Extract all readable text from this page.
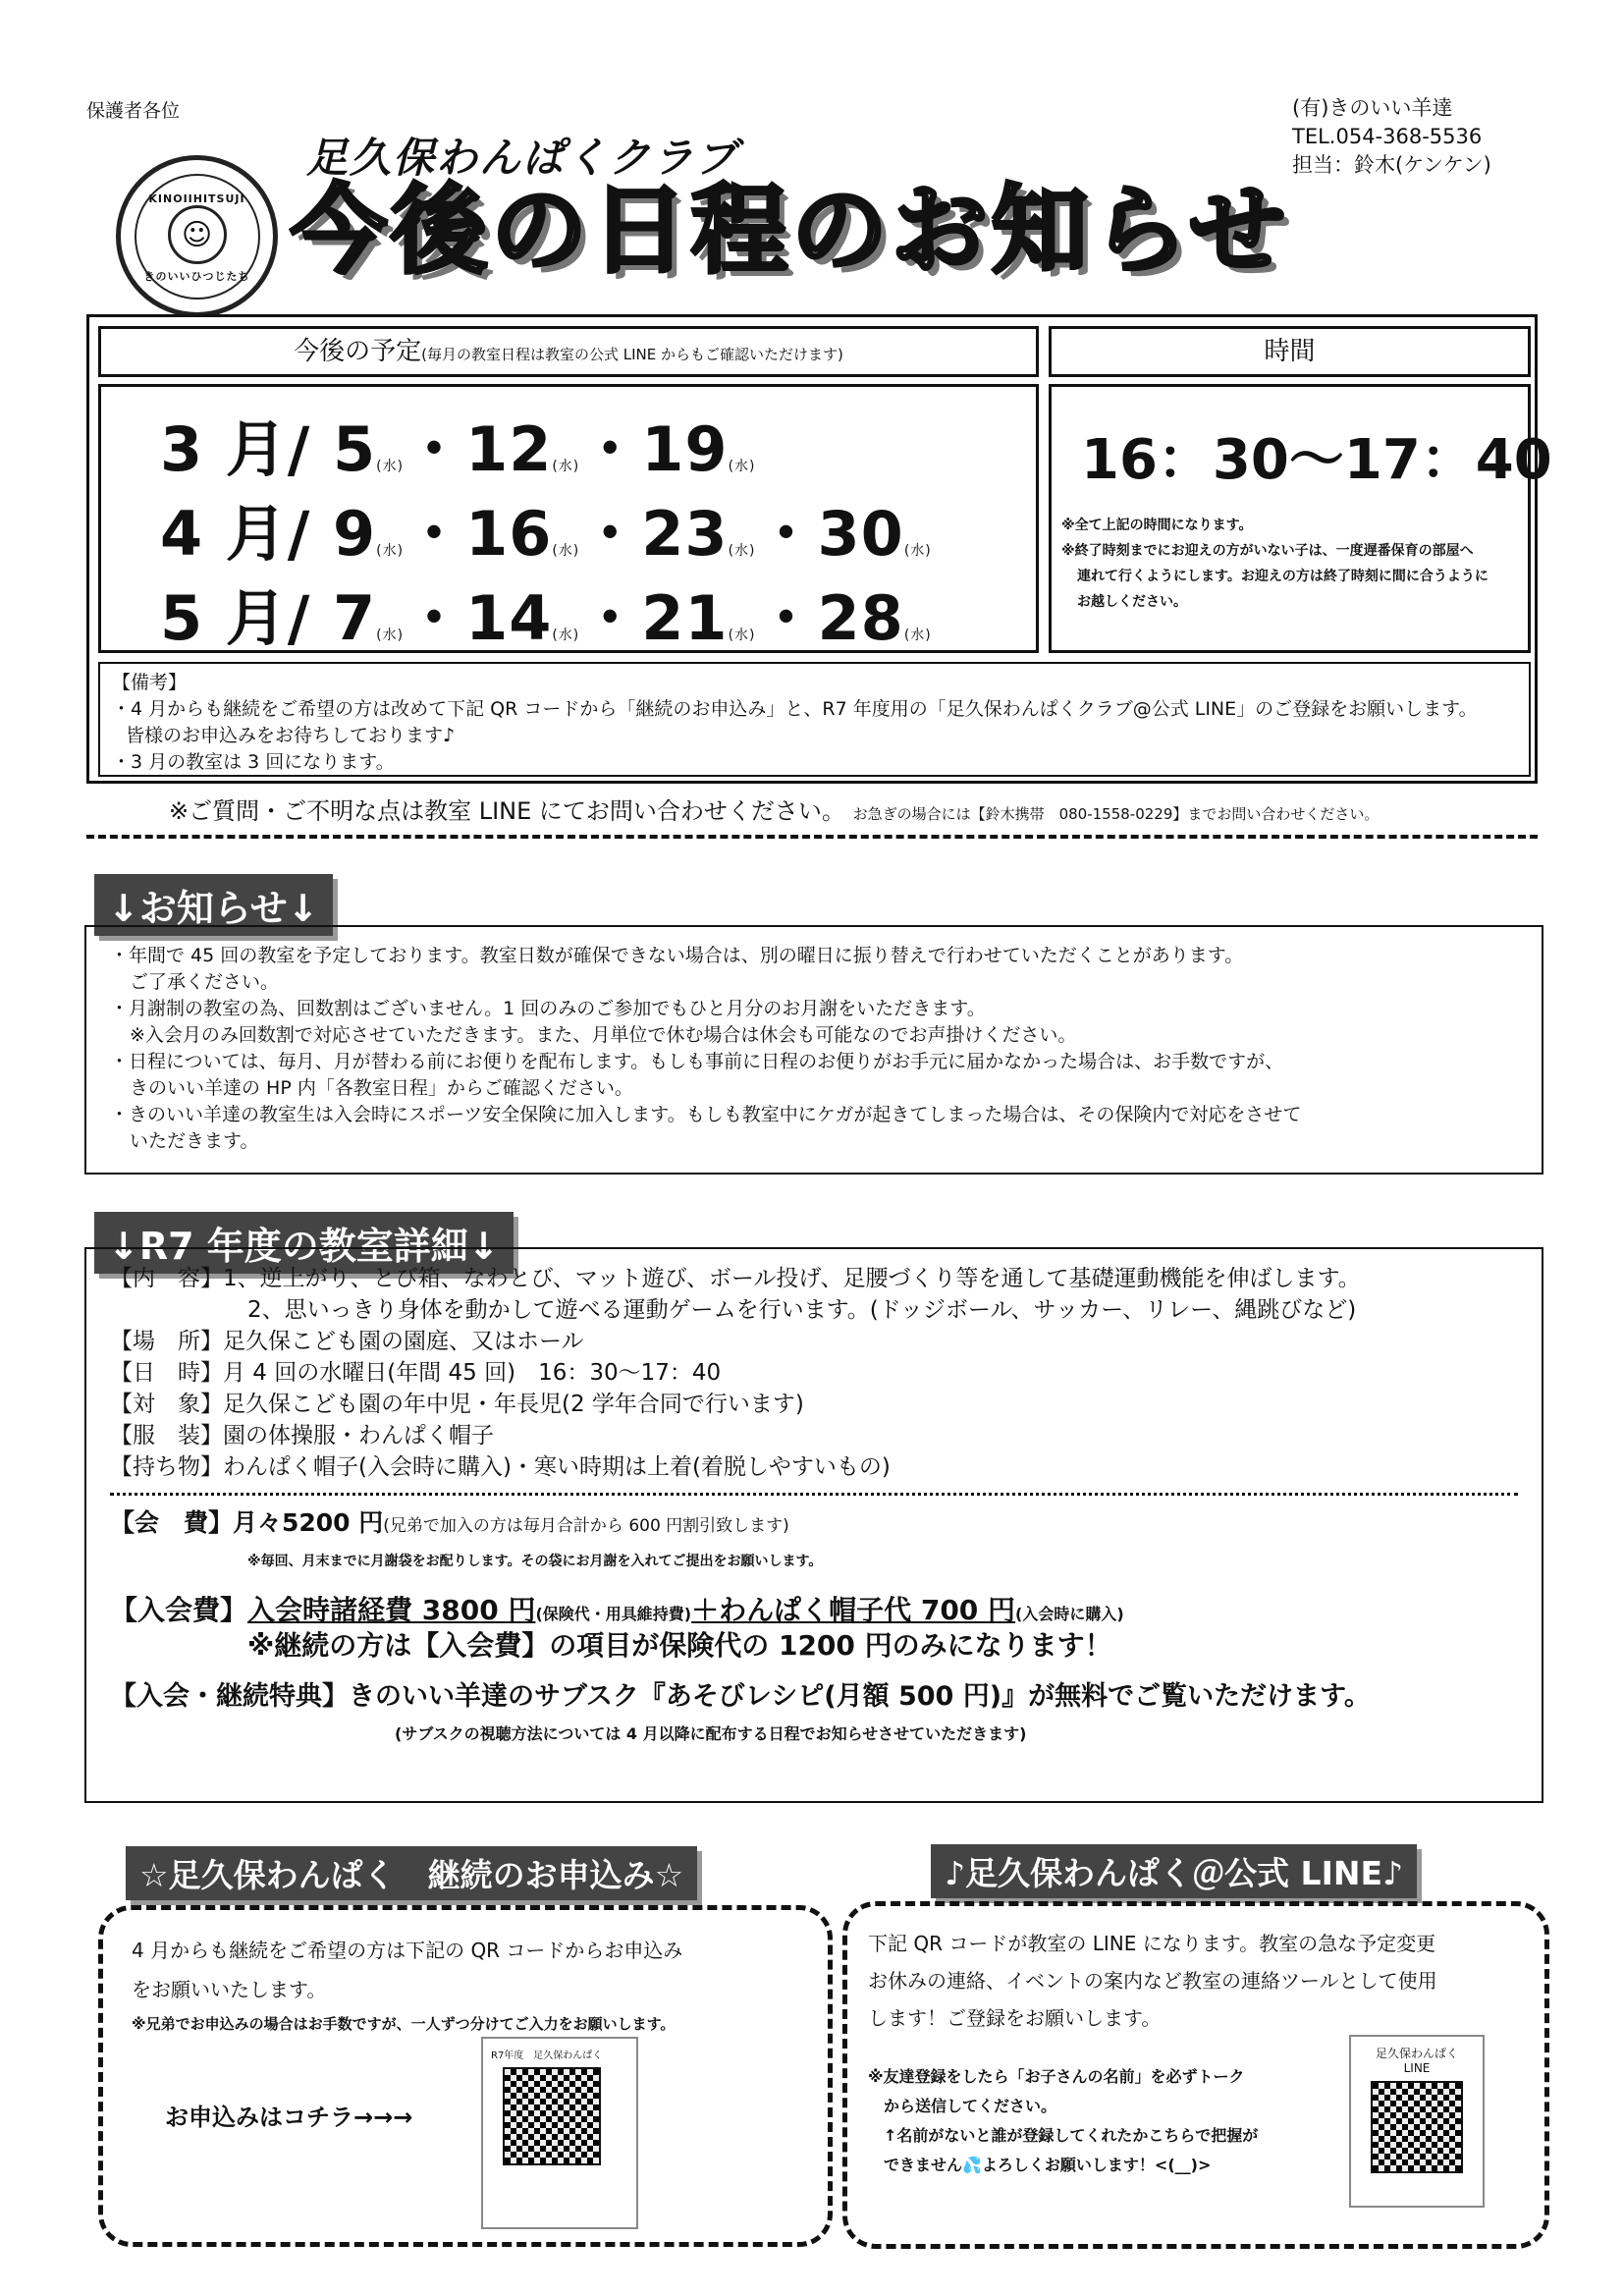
保護者各位	(有)きのいい羊達
TEL.054-368-5536
担当：鈴木(ケンケン)
KINOIIHITSUJI
☺
きのいいひつじたち
足久保わんぱくクラブ
今後の日程のお知らせ
今後の予定(毎月の教室日程は教室の公式 LINE からもご確認いただけます)	時間
3 月/ 5(水)・12(水)・19(水)
4 月/ 9(水)・16(水)・23(水)・30(水)
5 月/ 7(水)・14(水)・21(水)・28(水)
16：30〜17：40
※全て上記の時間になります。
※終了時刻までにお迎えの方がいない子は、一度遅番保育の部屋へ
連れて行くようにします。お迎えの方は終了時刻に間に合うように
お越しください。
【備考】
・4 月からも継続をご希望の方は改めて下記 QR コードから「継続のお申込み」と、R7 年度用の「足久保わんぱくクラブ@公式 LINE」のご登録をお願いします。
皆様のお申込みをお待ちしております♪
・3 月の教室は 3 回になります。
※ご質問・ご不明な点は教室 LINE にてお問い合わせください。 お急ぎの場合には【鈴木携帯　080-1558-0229】までお問い合わせください。
↓お知らせ↓

・年間で 45 回の教室を予定しております。教室日数が確保できない場合は、別の曜日に振り替えで行わせていただくことがあります。

ご了承ください。

・月謝制の教室の為、回数割はございません。1 回のみのご参加でもひと月分のお月謝をいただきます。

※入会月のみ回数割で対応させていただきます。また、月単位で休む場合は休会も可能なのでお声掛けください。

・日程については、毎月、月が替わる前にお便りを配布します。もしも事前に日程のお便りがお手元に届かなかった場合は、お手数ですが、

きのいい羊達の HP 内「各教室日程」からご確認ください。

・きのいい羊達の教室生は入会時にスポーツ安全保険に加入します。もしも教室中にケガが起きてしまった場合は、その保険内で対応をさせて

いただきます。

↓R7 年度の教室詳細↓
【内　容】1、逆上がり、とび箱、なわとび、マット遊び、ボール投げ、足腰づくり等を通して基礎運動機能を伸ばします。
2、思いっきり身体を動かして遊べる運動ゲームを行います。(ドッジボール、サッカー、リレー、縄跳びなど)
【場　所】足久保こども園の園庭、又はホール
【日　時】月 4 回の水曜日(年間 45 回)　16：30〜17：40
【対　象】足久保こども園の年中児・年長児(2 学年合同で行います)
【服　装】園の体操服・わんぱく帽子
【持ち物】わんぱく帽子(入会時に購入)・寒い時期は上着(着脱しやすいもの)
【会　費】月々5200 円(兄弟で加入の方は毎月合計から 600 円割引致します)
※毎回、月末までに月謝袋をお配りします。その袋にお月謝を入れてご提出をお願いします。
【入会費】入会時諸経費 3800 円(保険代・用具維持費)＋わんぱく帽子代 700 円(入会時に購入)
※継続の方は【入会費】の項目が保険代の 1200 円のみになります！
【入会・継続特典】きのいい羊達のサブスク『あそびレシピ(月額 500 円)』が無料でご覧いただけます。
(サブスクの視聴方法については 4 月以降に配布する日程でお知らせさせていただきます)
☆足久保わんぱく　継続のお申込み☆
4 月からも継続をご希望の方は下記の QR コードからお申込み
をお願いいたします。
※兄弟でお申込みの場合はお手数ですが、一人ずつ分けてご入力をお願いします。
お申込みはコチラ→→→
R7年度　足久保わんぱく
♪足久保わんぱく＠公式 LINE♪
下記 QR コードが教室の LINE になります。教室の急な予定変更
お休みの連絡、イベントの案内など教室の連絡ツールとして使用
します！ご登録をお願いします。
※友達登録をしたら「お子さんの名前」を必ずトーク
から送信してください。
↑名前がないと誰が登録してくれたかこちらで把握が
できません💦よろしくお願いします！<(__)>
足久保わんぱく
LINE
